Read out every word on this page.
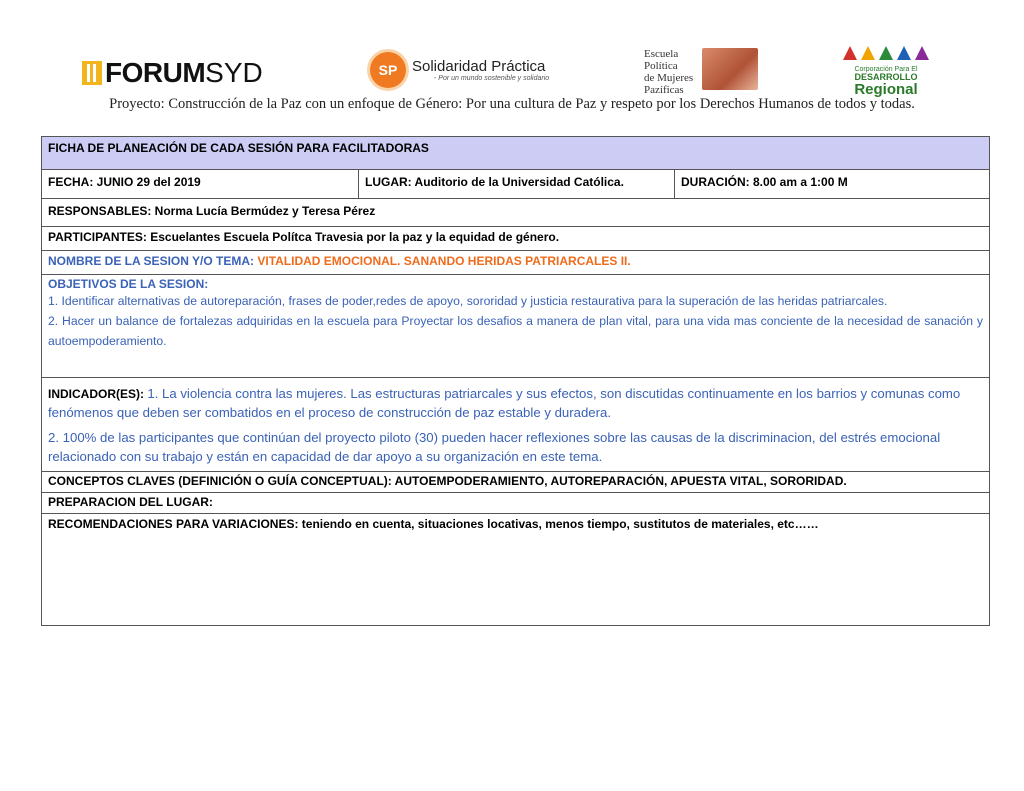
FORUM SYD	SP Solidaridad Práctica
- Por un mundo sostenible y solidario
Escuela Política
de Mujeres
Pazíficas
Corporación Para El
DESARROLLO
Regional
Proyecto: Construcción de la Paz con un enfoque de Género: Por una cultura de Paz y respeto por los Derechos Humanos de todos y todas.
FICHA DE PLANEACIÓN DE CADA SESIÓN PARA FACILITADORAS
FECHA: JUNIO 29 del 2019	LUGAR: Auditorio de la Universidad Católica.	DURACIÓN: 8.00 am a 1:00 M
RESPONSABLES: Norma Lucía Bermúdez y Teresa Pérez
PARTICIPANTES: Escuelantes Escuela Polítca Travesia por la paz y la equidad de género.
NOMBRE DE LA SESION Y/O TEMA: VITALIDAD EMOCIONAL. SANANDO HERIDAS PATRIARCALES II.
OBJETIVOS DE LA SESION:
1. Identificar alternativas de autoreparación, frases de poder,redes de apoyo, sororidad y justicia restaurativa para la superación de las heridas patriarcales.
2. Hacer un balance de fortalezas adquiridas en la escuela para Proyectar los desafios a manera de plan vital, para una vida mas conciente de la necesidad de sanación y autoempoderamiento.

INDICADOR(ES): 1. La violencia contra las mujeres. Las estructuras patriarcales y sus efectos, son discutidas continuamente en los barrios y comunas como fenómenos que deben ser combatidos en el proceso de construcción de paz estable y duradera.

2. 100% de las participantes que continúan del proyecto piloto (30) pueden hacer reflexiones sobre las causas de la discriminacion, del estrés emocional relacionado con su trabajo y están en capacidad de dar apoyo a su organización en este tema.

CONCEPTOS CLAVES (DEFINICIÓN O GUÍA CONCEPTUAL): AUTOEMPODERAMIENTO, AUTOREPARACIÓN, APUESTA VITAL, SORORIDAD.
PREPARACION DEL LUGAR:
RECOMENDACIONES PARA VARIACIONES: teniendo en cuenta, situaciones locativas, menos tiempo, sustitutos de materiales, etc……
